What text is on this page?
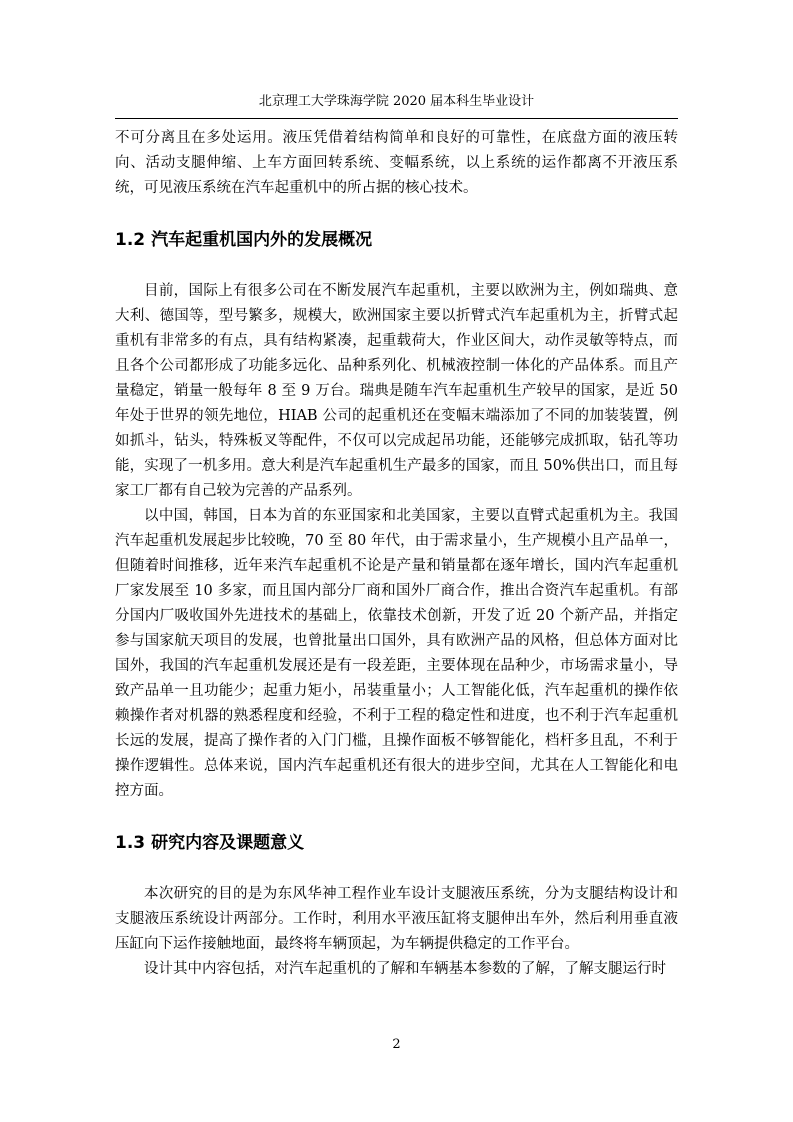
北京理工大学珠海学院 2020 届本科生毕业设计

不可分离且在多处运用。液压凭借着结构简单和良好的可靠性，在底盘方面的液压转向、活动支腿伸缩、上车方面回转系统、变幅系统，以上系统的运作都离不开液压系统，可见液压系统在汽车起重机中的所占据的核心技术。

1.2 汽车起重机国内外的发展概况

目前，国际上有很多公司在不断发展汽车起重机，主要以欧洲为主，例如瑞典、意大利、德国等，型号繁多，规模大，欧洲国家主要以折臂式汽车起重机为主，折臂式起重机有非常多的有点，具有结构紧凑，起重载荷大，作业区间大，动作灵敏等特点，而且各个公司都形成了功能多远化、品种系列化、机械液控制一体化的产品体系。而且产量稳定，销量一般每年 8 至 9 万台。瑞典是随车汽车起重机生产较早的国家，是近 50 年处于世界的领先地位，HIAB 公司的起重机还在变幅末端添加了不同的加装装置，例如抓斗，钻头，特殊板叉等配件，不仅可以完成起吊功能，还能够完成抓取，钻孔等功能，实现了一机多用。意大利是汽车起重机生产最多的国家，而且 50%供出口，而且每家工厂都有自己较为完善的产品系列。

以中国，韩国，日本为首的东亚国家和北美国家，主要以直臂式起重机为主。我国汽车起重机发展起步比较晚，70 至 80 年代，由于需求量小，生产规模小且产品单一，但随着时间推移，近年来汽车起重机不论是产量和销量都在逐年增长，国内汽车起重机厂家发展至 10 多家，而且国内部分厂商和国外厂商合作，推出合资汽车起重机。有部分国内厂吸收国外先进技术的基础上，依靠技术创新，开发了近 20 个新产品，并指定参与国家航天项目的发展，也曾批量出口国外，具有欧洲产品的风格，但总体方面对比国外，我国的汽车起重机发展还是有一段差距，主要体现在品种少，市场需求量小，导致产品单一且功能少；起重力矩小，吊装重量小；人工智能化低，汽车起重机的操作依赖操作者对机器的熟悉程度和经验，不利于工程的稳定性和进度，也不利于汽车起重机长远的发展，提高了操作者的入门门槛，且操作面板不够智能化，档杆多且乱，不利于操作逻辑性。总体来说，国内汽车起重机还有很大的进步空间，尤其在人工智能化和电控方面。

1.3 研究内容及课题意义

本次研究的目的是为东风华神工程作业车设计支腿液压系统，分为支腿结构设计和支腿液压系统设计两部分。工作时，利用水平液压缸将支腿伸出车外，然后利用垂直液压缸向下运作接触地面，最终将车辆顶起，为车辆提供稳定的工作平台。

设计其中内容包括，对汽车起重机的了解和车辆基本参数的了解，了解支腿运行时

2
